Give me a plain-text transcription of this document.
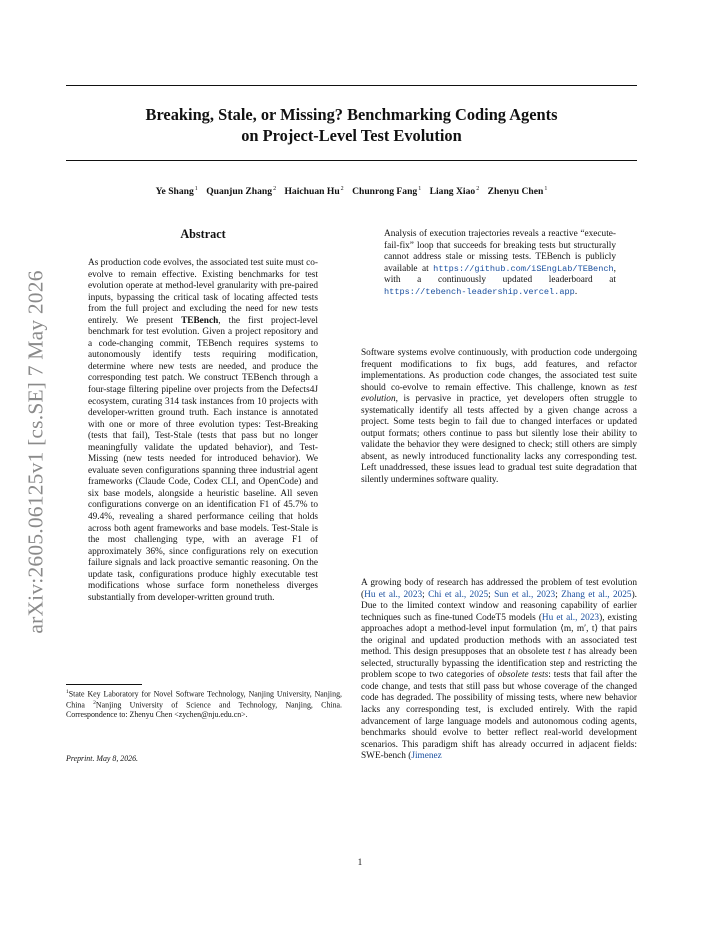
Breaking, Stale, or Missing? Benchmarking Coding Agents
on Project-Level Test Evolution
Ye Shang$^1$ Quanjun Zhang$^2$ Haichuan Hu$^2$ Chunrong Fang$^1$ Liang Xiao$^2$ Zhenyu Chen$^1$
arXiv:2605.06125v1 [cs.SE] 7 May 2026
Abstract
As production code evolves, the associated test suite must co-evolve to remain effective. Existing benchmarks for test evolution operate at method-level granularity with pre-paired inputs, bypassing the critical task of locating affected tests from the full project and excluding the need for new tests entirely. We present TEBench, the first project-level benchmark for test evolution. Given a project repository and a code-changing commit, TEBench requires systems to autonomously identify tests requiring modification, determine where new tests are needed, and produce the corresponding test patch. We construct TEBench through a four-stage filtering pipeline over projects from the Defects4J ecosystem, curating 314 task instances from 10 projects with developer-written ground truth. Each instance is annotated with one or more of three evolution types: Test-Breaking (tests that fail), Test-Stale (tests that pass but no longer meaningfully validate the updated behavior), and Test-Missing (new tests needed for introduced behavior). We evaluate seven configurations spanning three industrial agent frameworks (Claude Code, Codex CLI, and OpenCode) and six base models, alongside a heuristic baseline. All seven configurations converge on an identification F1 of 45.7% to 49.4%, revealing a shared performance ceiling that holds across both agent frameworks and base models. Test-Stale is the most challenging type, with an average F1 of approximately 36%, since configurations rely on execution failure signals and lack proactive semantic reasoning. On the update task, configurations produce highly executable test modifications whose surface form nonetheless diverges substantially from developer-written ground truth.
Analysis of execution trajectories reveals a reactive “execute-fail-fix” loop that succeeds for breaking tests but structurally cannot address stale or missing tests. TEBench is publicly available at https://github.com/iSEngLab/TEBench, with a continuously updated leaderboard at https://tebench-leadership.vercel.app.
$^1$State Key Laboratory for Novel Software Technology, Nanjing University, Nanjing, China $^2$Nanjing University of Science and Technology, Nanjing, China. Correspondence to: Zhenyu Chen <zychen@nju.edu.cn>.
Preprint. May 8, 2026.
Software systems evolve continuously, with production code undergoing frequent modifications to fix bugs, add features, and refactor implementations. As production code changes, the associated test suite should co-evolve to remain effective. This challenge, known as test evolution, is pervasive in practice, yet developers often struggle to systematically identify all tests affected by a given change across a project. Some tests begin to fail due to changed interfaces or updated output formats; others continue to pass but silently lose their ability to validate the behavior they were designed to check; still others are simply absent, as newly introduced functionality lacks any corresponding test. Left unaddressed, these issues lead to gradual test suite degradation that silently undermines software quality.
A growing body of research has addressed the problem of test evolution (Hu et al., 2023; Chi et al., 2025; Sun et al., 2023; Zhang et al., 2025). Due to the limited context window and reasoning capability of earlier techniques such as fine-tuned CodeT5 models (Hu et al., 2023), existing approaches adopt a method-level input formulation ⟨m, m′, t⟩ that pairs the original and updated production methods with an associated test method. This design presupposes that an obsolete test t has already been selected, structurally bypassing the identification step and restricting the problem scope to two categories of obsolete tests: tests that fail after the code change, and tests that still pass but whose coverage of the changed code has degraded. The possibility of missing tests, where new behavior lacks any corresponding test, is excluded entirely. With the rapid advancement of large language models and autonomous coding agents, benchmarks should evolve to better reflect real-world development scenarios. This paradigm shift has already occurred in adjacent fields: SWE-bench (Jimenez
1
